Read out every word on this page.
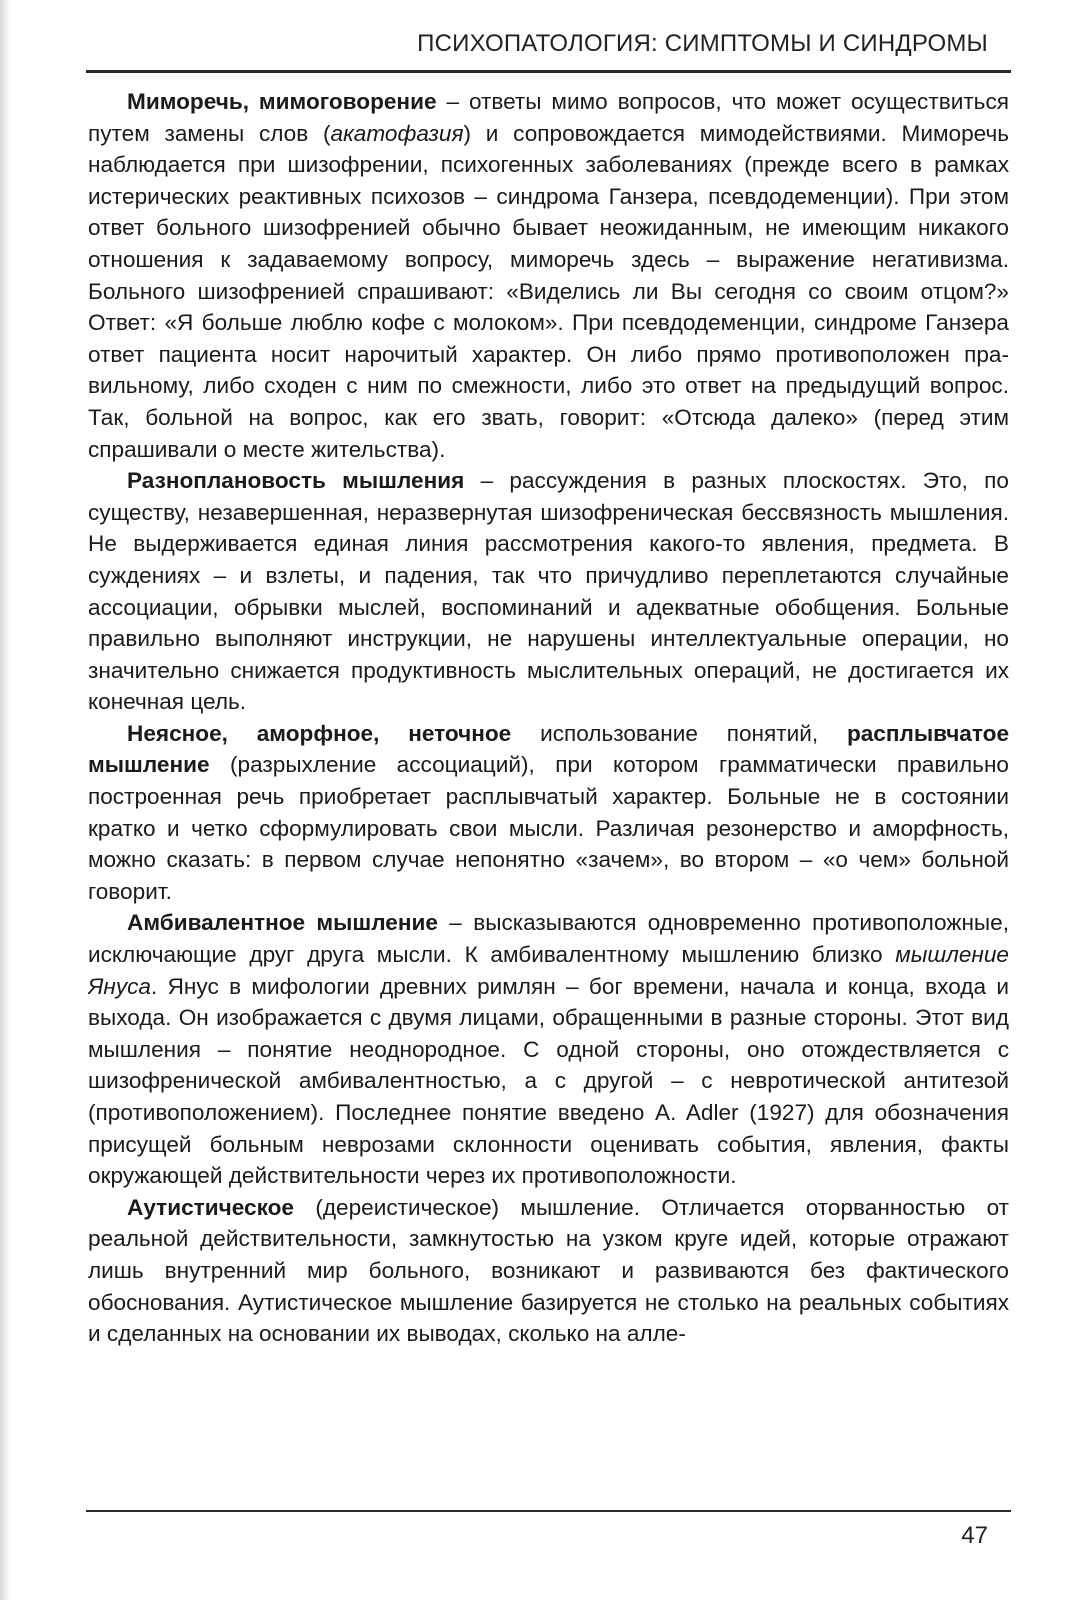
ПСИХОПАТОЛОГИЯ: СИМПТОМЫ И СИНДРОМЫ

Миморечь, мимоговорение – ответы мимо вопросов, что может осуществиться путем замены слов (акатофазия) и сопровождается мимодействиями. Миморечь наблюдается при шизофрении, психогенных заболеваниях (прежде всего в рамках истерических реактивных психозов – синдрома Ганзера, псевдодеменции). При этом ответ больного шизофренией обычно бывает неожиданным, не имеющим никакого отношения к задаваемому вопросу, миморечь здесь – выражение негативизма. Больного шизофренией спрашивают: «Виделись ли Вы сегодня со своим отцом?» Ответ: «Я больше люблю кофе с молоком». При псевдодеменции, синдроме Ганзера ответ пациента носит нарочитый характер. Он либо прямо противоположен правильному, либо сходен с ним по смежности, либо это ответ на предыдущий вопрос. Так, больной на вопрос, как его звать, говорит: «Отсюда далеко» (перед этим спрашивали о месте жительства).

Разноплановость мышления – рассуждения в разных плоскостях. Это, по существу, незавершенная, неразвернутая шизофреническая бессвязность мышления. Не выдерживается единая линия рассмотрения какого-то явления, предмета. В суждениях – и взлеты, и падения, так что причудливо переплетаются случайные ассоциации, обрывки мыслей, воспоминаний и адекватные обобщения. Больные правильно выполняют инструкции, не нарушены интеллектуальные операции, но значительно снижается продуктивность мыслительных операций, не достигается их конечная цель.

Неясное, аморфное, неточное использование понятий, расплывчатое мышление (разрыхление ассоциаций), при котором грамматически правильно построенная речь приобретает расплывчатый характер. Больные не в состоянии кратко и четко сформулировать свои мысли. Различая резонерство и аморфность, можно сказать: в первом случае непонятно «зачем», во втором – «о чем» больной говорит.

Амбивалентное мышление – высказываются одновременно противоположные, исключающие друг друга мысли. К амбивалентному мышлению близко мышление Януса. Янус в мифологии древних римлян – бог времени, начала и конца, входа и выхода. Он изображается с двумя лицами, обращенными в разные стороны. Этот вид мышления – понятие неоднородное. С одной стороны, оно отождествляется с шизофренической амбивалентностью, а с другой – с невротической антитезой (противоположением). Последнее понятие введено A. Adler (1927) для обозначения присущей больным неврозами склонности оценивать события, явления, факты окружающей действительности через их противоположности.

Аутистическое (дереистическое) мышление. Отличается оторванностью от реальной действительности, замкнутостью на узком круге идей, которые отражают лишь внутренний мир больного, возникают и развиваются без фактического обоснования. Аутистическое мышление базируется не столько на реальных событиях и сделанных на основании их выводах, сколько на алле-

47
